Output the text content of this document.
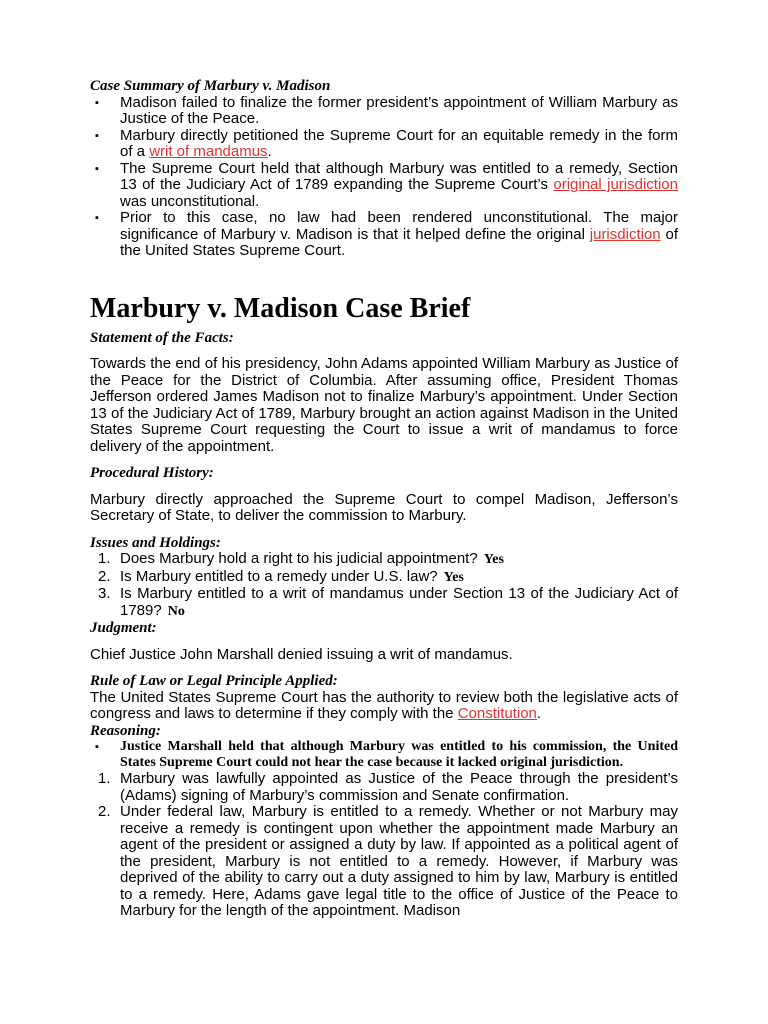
Case Summary of Marbury v. Madison
▪ Madison failed to finalize the former president’s appointment of William Marbury as Justice of the Peace.
▪ Marbury directly petitioned the Supreme Court for an equitable remedy in the form of a writ of mandamus.
▪ The Supreme Court held that although Marbury was entitled to a remedy, Section 13 of the Judiciary Act of 1789 expanding the Supreme Court’s original jurisdiction was unconstitutional.
▪ Prior to this case, no law had been rendered unconstitutional. The major significance of Marbury v. Madison is that it helped define the original jurisdiction of the United States Supreme Court.
Marbury v. Madison Case Brief
Statement of the Facts:
Towards the end of his presidency, John Adams appointed William Marbury as Justice of the Peace for the District of Columbia. After assuming office, President Thomas Jefferson ordered James Madison not to finalize Marbury’s appointment. Under Section 13 of the Judiciary Act of 1789, Marbury brought an action against Madison in the United States Supreme Court requesting the Court to issue a writ of mandamus to force delivery of the appointment.
Procedural History:
Marbury directly approached the Supreme Court to compel Madison, Jefferson’s Secretary of State, to deliver the commission to Marbury.
Issues and Holdings:
1. Does Marbury hold a right to his judicial appointment? Yes
2. Is Marbury entitled to a remedy under U.S. law? Yes
3. Is Marbury entitled to a writ of mandamus under Section 13 of the Judiciary Act of 1789? No
Judgment:
Chief Justice John Marshall denied issuing a writ of mandamus.
Rule of Law or Legal Principle Applied:
The United States Supreme Court has the authority to review both the legislative acts of congress and laws to determine if they comply with the Constitution.
Reasoning:
▪ Justice Marshall held that although Marbury was entitled to his commission, the United States Supreme Court could not hear the case because it lacked original jurisdiction.
1. Marbury was lawfully appointed as Justice of the Peace through the president’s (Adams) signing of Marbury’s commission and Senate confirmation.
2. Under federal law, Marbury is entitled to a remedy. Whether or not Marbury may receive a remedy is contingent upon whether the appointment made Marbury an agent of the president or assigned a duty by law. If appointed as a political agent of the president, Marbury is not entitled to a remedy. However, if Marbury was deprived of the ability to carry out a duty assigned to him by law, Marbury is entitled to a remedy. Here, Adams gave legal title to the office of Justice of the Peace to Marbury for the length of the appointment. Madison
